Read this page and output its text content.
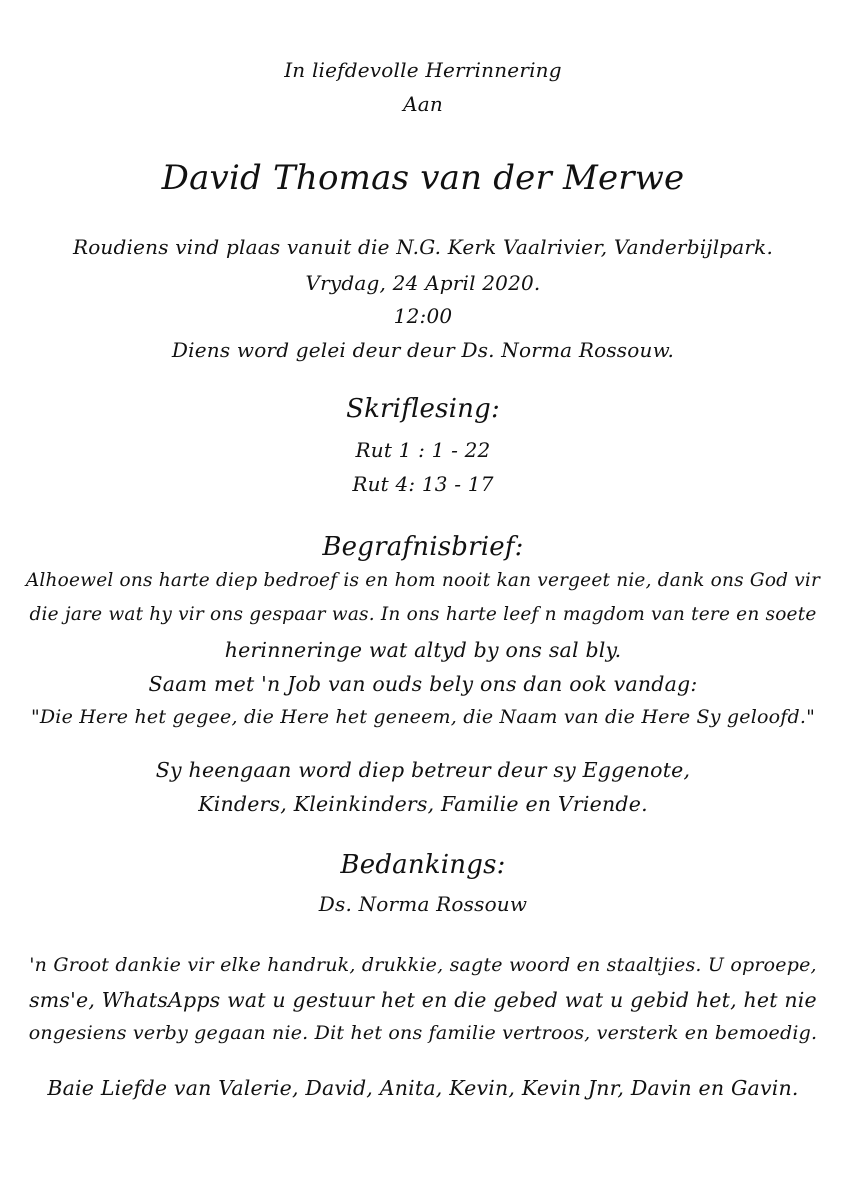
In liefdevolle Herrinnering
Aan
David Thomas van der Merwe
Roudiens vind plaas vanuit die N.G. Kerk Vaalrivier, Vanderbijlpark.
Vrydag, 24 April 2020.
12:00
Diens word gelei deur deur Ds. Norma Rossouw.
Skriflesing:
Rut 1 : 1 - 22
Rut 4: 13 - 17
Begrafnisbrief:
Alhoewel ons harte diep bedroef is en hom nooit kan vergeet nie, dank ons God vir
die jare wat hy vir ons gespaar was. In ons harte leef n magdom van tere en soete
herinneringe wat altyd by ons sal bly.
Saam met 'n Job van ouds bely ons dan ook vandag:
"Die Here het gegee, die Here het geneem, die Naam van die Here Sy geloofd."
Sy heengaan word diep betreur deur sy Eggenote,
Kinders, Kleinkinders, Familie en Vriende.
Bedankings:
Ds. Norma Rossouw
'n Groot dankie vir elke handruk, drukkie, sagte woord en staaltjies. U oproepe,
sms'e, WhatsApps wat u gestuur het en die gebed wat u gebid het, het nie
ongesiens verby gegaan nie. Dit het ons familie vertroos, versterk en bemoedig.
Baie Liefde van Valerie, David, Anita, Kevin, Kevin Jnr, Davin en Gavin.
